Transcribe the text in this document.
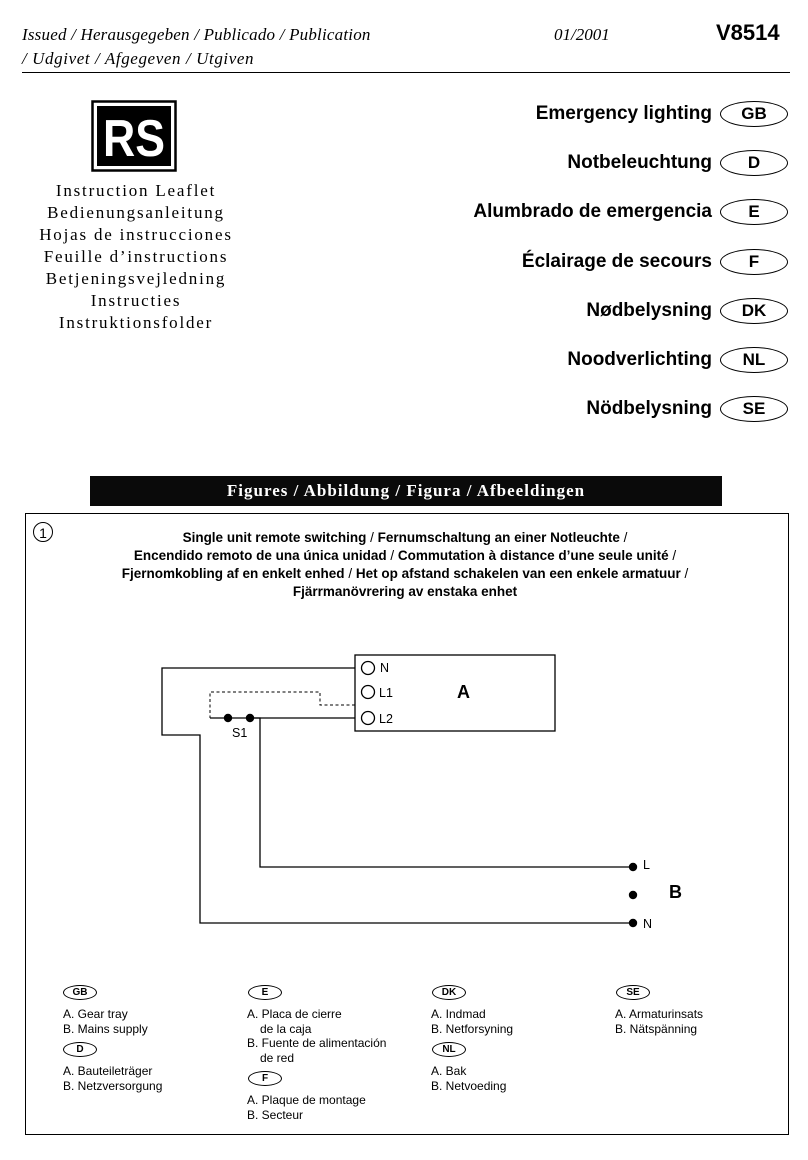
Issued / Herausgegeben / Publicado / Publication
/ Udgivet / Afgegeven / Utgiven
01/2001	V8514
RS
Instruction Leaflet
Bedienungsanleitung
Hojas de instrucciones
Feuille d’instructions
Betjeningsvejledning
Instructies
Instruktionsfolder
Emergency lighting	GB
Notbeleuchtung	D
Alumbrado de emergencia	E
Éclairage de secours	F
Nødbelysning	DK
Noodverlichting	NL
Nödbelysning	SE
Figures / Abbildung / Figura / Afbeeldingen
1	Single unit remote switching / Fernumschaltung an einer Notleuchte /
Encendido remoto de una única unidad / Commutation à distance d’une seule unité /
Fjernomkobling af en enkelt enhed / Het op afstand schakelen van een enkele armatuur /
Fjärrmanövrering av enstaka enhet
N
L1
L2
A
S1
L
B
N
GB
A. Gear tray
B. Mains supply
D
A. Bauteileträger
B. Netzversorgung
E
A. Placa de cierre
de la caja
B. Fuente de alimentación
de red
F
A. Plaque de montage
B. Secteur
DK
A. Indmad
B. Netforsyning
NL
A. Bak
B. Netvoeding
SE
A. Armaturinsats
B. Nätspänning
